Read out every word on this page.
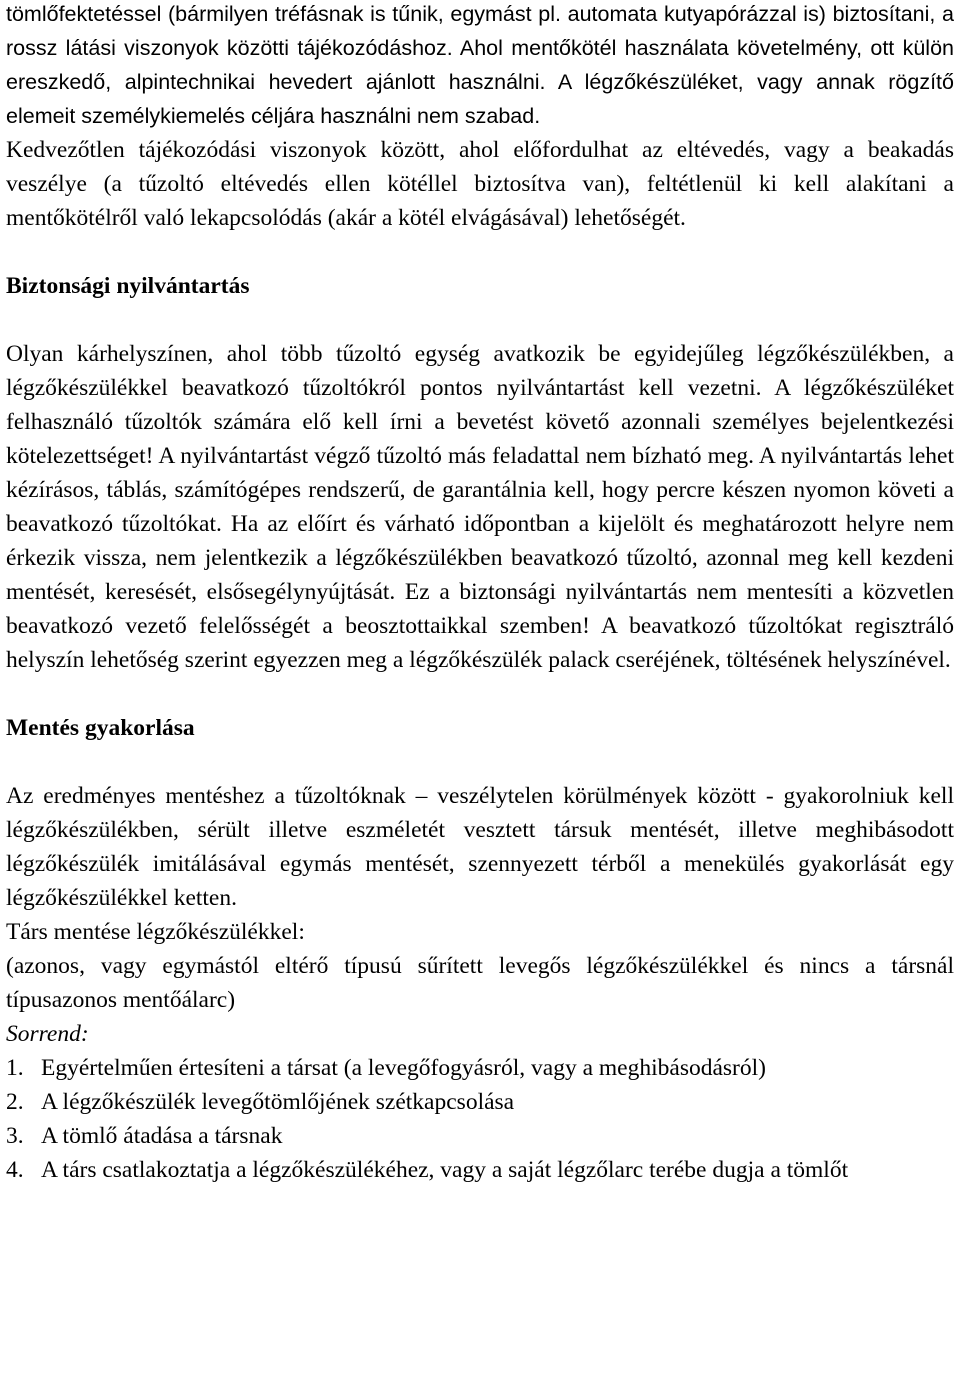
tömlőfektetéssel (bármilyen tréfásnak is tűnik, egymást pl. automata kutyapórázzal is) biztosítani, a rossz látási viszonyok közötti tájékozódáshoz. Ahol mentőkötél használata követelmény, ott külön ereszkedő, alpintechnikai hevedert ajánlott használni. A légzőkészüléket, vagy annak rögzítő elemeit személykiemelés céljára használni nem szabad.

Kedvezőtlen tájékozódási viszonyok között, ahol előfordulhat az eltévedés, vagy a beakadás veszélye (a tűzoltó eltévedés ellen kötéllel biztosítva van), feltétlenül ki kell alakítani a mentőkötélről való lekapcsolódás (akár a kötél elvágásával) lehetőségét.

Biztonsági nyilvántartás

Olyan kárhelyszínen, ahol több tűzoltó egység avatkozik be egyidejűleg légzőkészülékben, a légzőkészülékkel beavatkozó tűzoltókról pontos nyilvántartást kell vezetni. A légzőkészüléket felhasználó tűzoltók számára elő kell írni a bevetést követő azonnali személyes bejelentkezési kötelezettséget! A nyilvántartást végző tűzoltó más feladattal nem bízható meg. A nyilvántartás lehet kézírásos, táblás, számítógépes rendszerű, de garantálnia kell, hogy percre készen nyomon követi a beavatkozó tűzoltókat. Ha az előírt és várható időpontban a kijelölt és meghatározott helyre nem érkezik vissza, nem jelentkezik a légzőkészülékben beavatkozó tűzoltó, azonnal meg kell kezdeni mentését, keresését, elsősegélynyújtását. Ez a biztonsági nyilvántartás nem mentesíti a közvetlen beavatkozó vezető felelősségét a beosztottaikkal szemben! A beavatkozó tűzoltókat regisztráló helyszín lehetőség szerint egyezzen meg a légzőkészülék palack cseréjének, töltésének helyszínével.

Mentés gyakorlása

Az eredményes mentéshez a tűzoltóknak – veszélytelen körülmények között - gyakorolniuk kell légzőkészülékben, sérült illetve eszméletét vesztett társuk mentését, illetve meghibásodott légzőkészülék imitálásával egymás mentését, szennyezett térből a menekülés gyakorlását egy légzőkészülékkel ketten.

Társ mentése légzőkészülékkel:

(azonos, vagy egymástól eltérő típusú sűrített levegős légzőkészülékkel és nincs a társnál típusazonos mentőálarc)

Sorrend:

1. Egyértelműen értesíteni a társat (a levegőfogyásról, vagy a meghibásodásról)
2. A légzőkészülék levegőtömlőjének szétkapcsolása
3. A tömlő átadása a társnak
4. A társ csatlakoztatja a légzőkészülékéhez, vagy a saját légzőlarc terébe dugja a tömlőt
